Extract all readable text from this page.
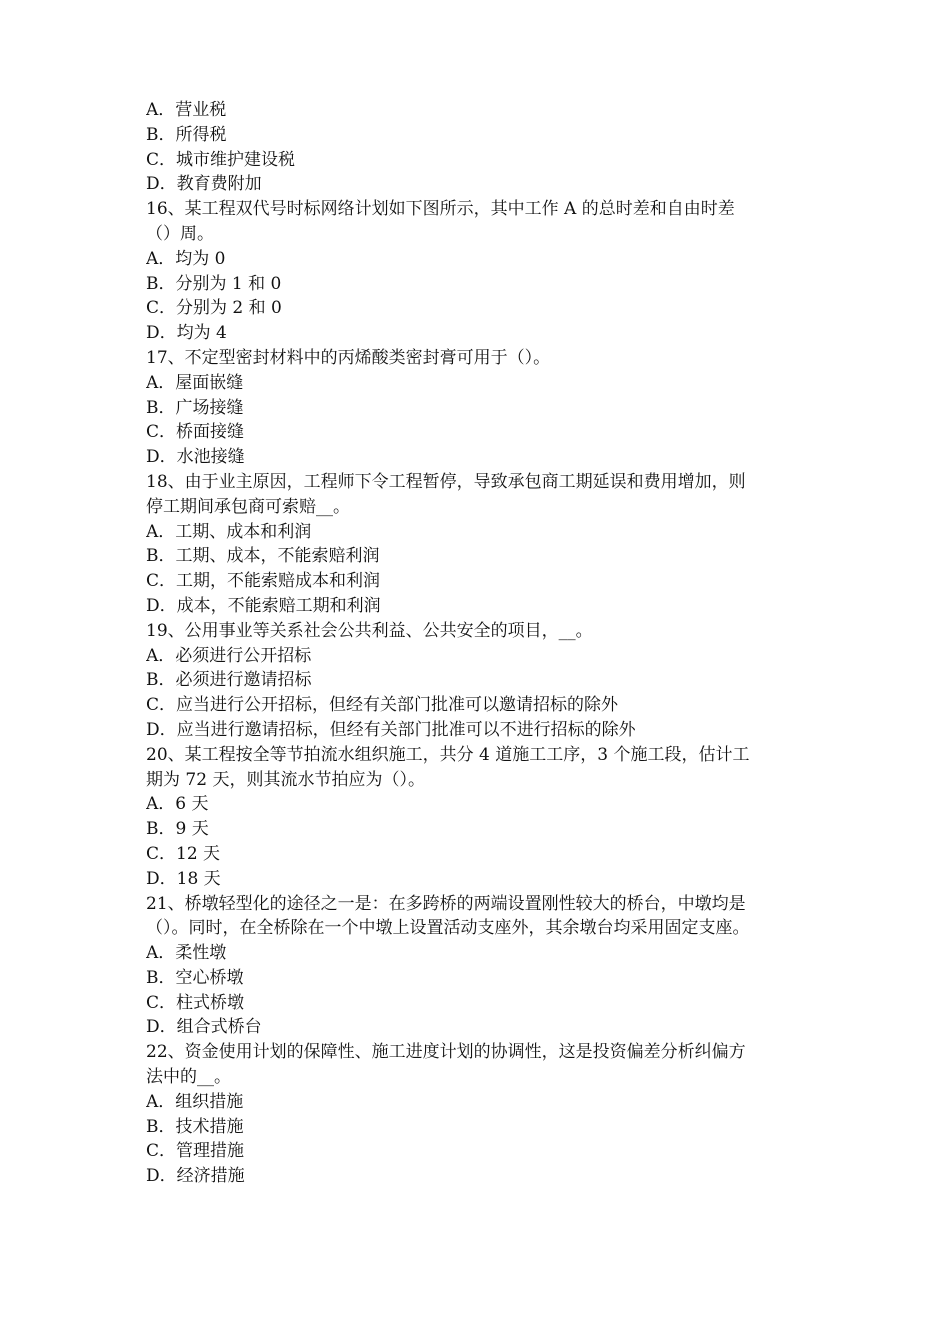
A．营业税
B．所得税
C．城市维护建设税
D．教育费附加
16、某工程双代号时标网络计划如下图所示，其中工作 A 的总时差和自由时差
（）周。
A．均为 0
B．分别为 1 和 0
C．分别为 2 和 0
D．均为 4
17、不定型密封材料中的丙烯酸类密封膏可用于（）。
A．屋面嵌缝
B．广场接缝
C．桥面接缝
D．水池接缝
18、由于业主原因，工程师下令工程暂停，导致承包商工期延误和费用增加，则
停工期间承包商可索赔__。
A．工期、成本和利润
B．工期、成本，不能索赔利润
C．工期，不能索赔成本和利润
D．成本，不能索赔工期和利润
19、公用事业等关系社会公共利益、公共安全的项目，__。
A．必须进行公开招标
B．必须进行邀请招标
C．应当进行公开招标，但经有关部门批准可以邀请招标的除外
D．应当进行邀请招标，但经有关部门批准可以不进行招标的除外
20、某工程按全等节拍流水组织施工，共分 4 道施工工序，3 个施工段，估计工
期为 72 天，则其流水节拍应为（）。
A．6 天
B．9 天
C．12 天
D．18 天
21、桥墩轻型化的途径之一是：在多跨桥的两端设置刚性较大的桥台，中墩均是
（）。同时，在全桥除在一个中墩上设置活动支座外，其余墩台均采用固定支座。
A．柔性墩
B．空心桥墩
C．柱式桥墩
D．组合式桥台
22、资金使用计划的保障性、施工进度计划的协调性，这是投资偏差分析纠偏方
法中的__。
A．组织措施
B．技术措施
C．管理措施
D．经济措施
